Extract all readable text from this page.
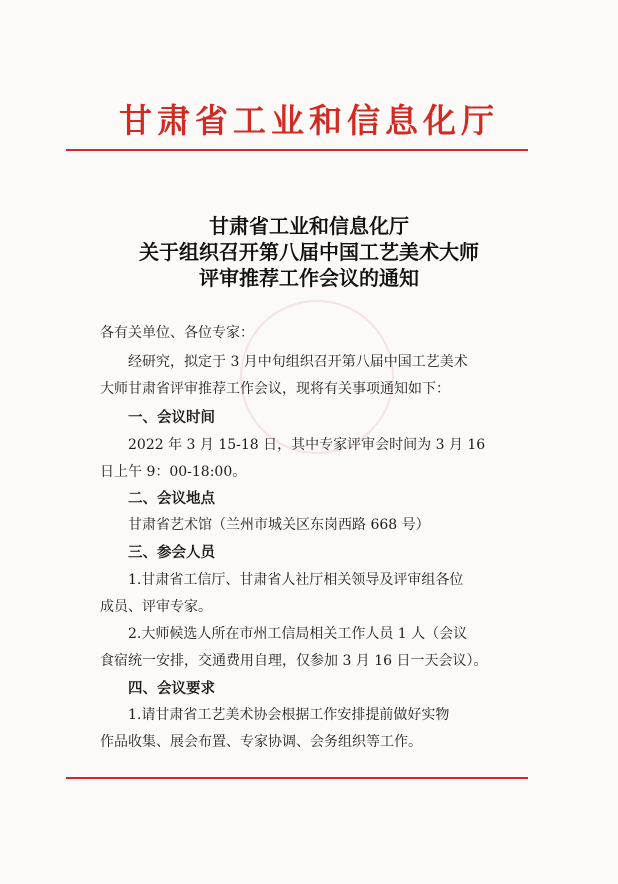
甘肃省工业和信息化厅
甘肃省工业和信息化厅
关于组织召开第八届中国工艺美术大师
评审推荐工作会议的通知
各有关单位、各位专家：
经研究，拟定于 3 月中旬组织召开第八届中国工艺美术
大师甘肃省评审推荐工作会议，现将有关事项通知如下：
一、会议时间
2022 年 3 月 15-18 日，其中专家评审会时间为 3 月 16
日上午 9：00-18:00。
二、会议地点
甘肃省艺术馆（兰州市城关区东岗西路 668 号）
三、参会人员
1.甘肃省工信厅、甘肃省人社厅相关领导及评审组各位
成员、评审专家。
2.大师候选人所在市州工信局相关工作人员 1 人（会议
食宿统一安排，交通费用自理，仅参加 3 月 16 日一天会议）。
四、会议要求
1.请甘肃省工艺美术协会根据工作安排提前做好实物
作品收集、展会布置、专家协调、会务组织等工作。
